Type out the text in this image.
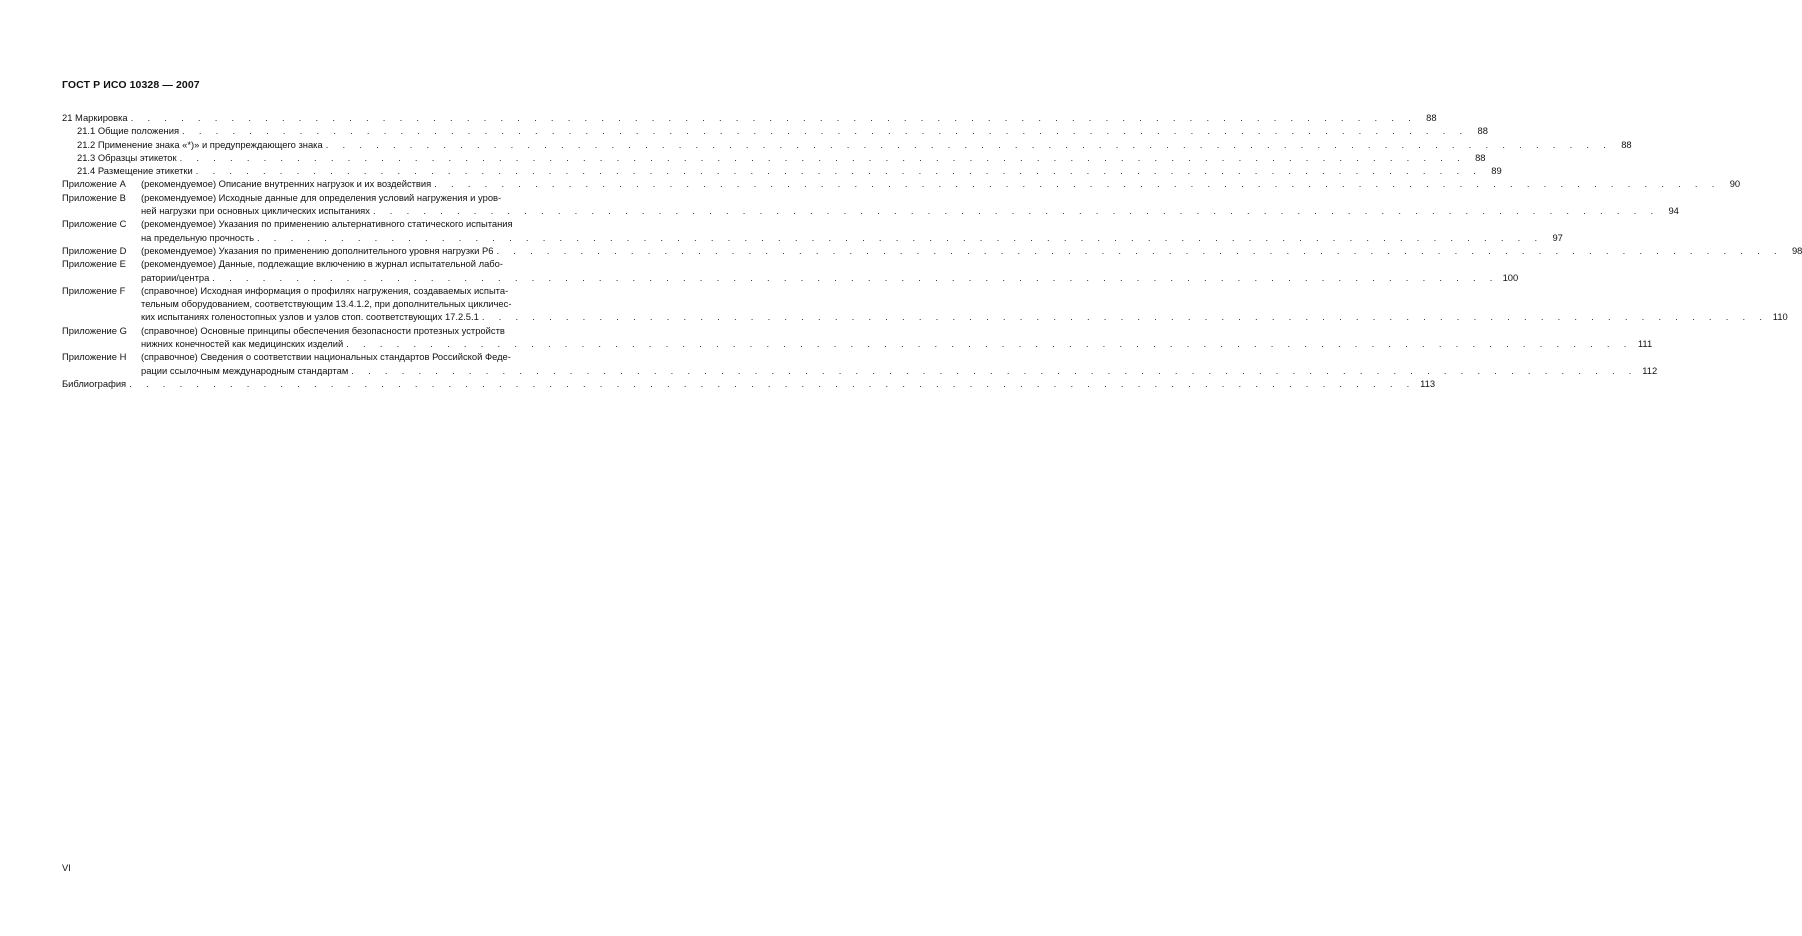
ГОСТ Р ИСО 10328 — 2007
21 Маркировка . . . . . . . . . . . . . . . . . . . . . . . . . . . . . . . . . . . . . . . . . . . . . . . . . . . . . . . . . . . . . . . . . . . . . . . . . . . . .	88
21.1 Общие положения . . . . . . . . . . . . . . . . . . . . . . . . . . . . . . . . . . . . . . . . . . . . . . . . . . . . . . . . . . . . . . . . . . . . . . . . . . . . .	88
21.2 Применение знака «*)» и предупреждающего знака . . . . . . . . . . . . . . . . . . . . . . . . . . . . . . . . . . . . . . . . . . . . . . . . . . . . . . . . . . . . . . . . . . . . . . . . . . . . .	88
21.3 Образцы этикеток . . . . . . . . . . . . . . . . . . . . . . . . . . . . . . . . . . . . . . . . . . . . . . . . . . . . . . . . . . . . . . . . . . . . . . . . . . . . .	88
21.4 Размещение этикетки . . . . . . . . . . . . . . . . . . . . . . . . . . . . . . . . . . . . . . . . . . . . . . . . . . . . . . . . . . . . . . . . . . . . . . . . . . . . .	89
Приложение А	(рекомендуемое) Описание внутренних нагрузок и их воздействия . . . . . . . . . . . . . . . . . . . . . . . . . . . . . . . . . . . . . . . . . . . . . . . . . . . . . . . . . . . . . . . . . . . . . . . . . . . . .	90
Приложение В	(рекомендуемое) Исходные данные для определения условий нагружения и уров-
ней нагрузки при основных циклических испытаниях . . . . . . . . . . . . . . . . . . . . . . . . . . . . . . . . . . . . . . . . . . . . . . . . . . . . . . . . . . . . . . . . . . . . . . . . . . . . .	94
Приложение С	(рекомендуемое) Указания по применению альтернативного статического испытания
на предельную прочность . . . . . . . . . . . . . . . . . . . . . . . . . . . . . . . . . . . . . . . . . . . . . . . . . . . . . . . . . . . . . . . . . . . . . . . . . . . . .	97
Приложение D	(рекомендуемое) Указания по применению дополнительного уровня нагрузки Р6 . . . . . . . . . . . . . . . . . . . . . . . . . . . . . . . . . . . . . . . . . . . . . . . . . . . . . . . . . . . . . . . . . . . . . . . . . . . . .	98
Приложение Е	(рекомендуемое) Данные, подлежащие включению в журнал испытательной лабо-
ратории/центра . . . . . . . . . . . . . . . . . . . . . . . . . . . . . . . . . . . . . . . . . . . . . . . . . . . . . . . . . . . . . . . . . . . . . . . . . . . . . 100
Приложение F	(справочное) Исходная информация о профилях нагружения, создаваемых испыта-
тельным оборудованием, соответствующим 13.4.1.2, при дополнительных цикличес-
ких испытаниях голеностопных узлов и узлов стоп. соответствующих 17.2.5.1 . . . . . . . . . . . . . . . . . . . . . . . . . . . . . . . . . . . . . . . . . . . . . . . . . . . . . . . . . . . . . . . . . . . . . . . . . . . . . 110
Приложение G	(справочное) Основные принципы обеспечения безопасности протезных устройств
нижних конечностей как медицинских изделий . . . . . . . . . . . . . . . . . . . . . . . . . . . . . . . . . . . . . . . . . . . . . . . . . . . . . . . . . . . . . . . . . . . . . . . . . . . . . 111
Приложение Н	(справочное) Сведения о соответствии национальных стандартов Российской Феде-
рации ссылочным международным стандартам . . . . . . . . . . . . . . . . . . . . . . . . . . . . . . . . . . . . . . . . . . . . . . . . . . . . . . . . . . . . . . . . . . . . . . . . . . . . . 112
Библиография . . . . . . . . . . . . . . . . . . . . . . . . . . . . . . . . . . . . . . . . . . . . . . . . . . . . . . . . . . . . . . . . . . . . . . . . . . . . . 113
VI
